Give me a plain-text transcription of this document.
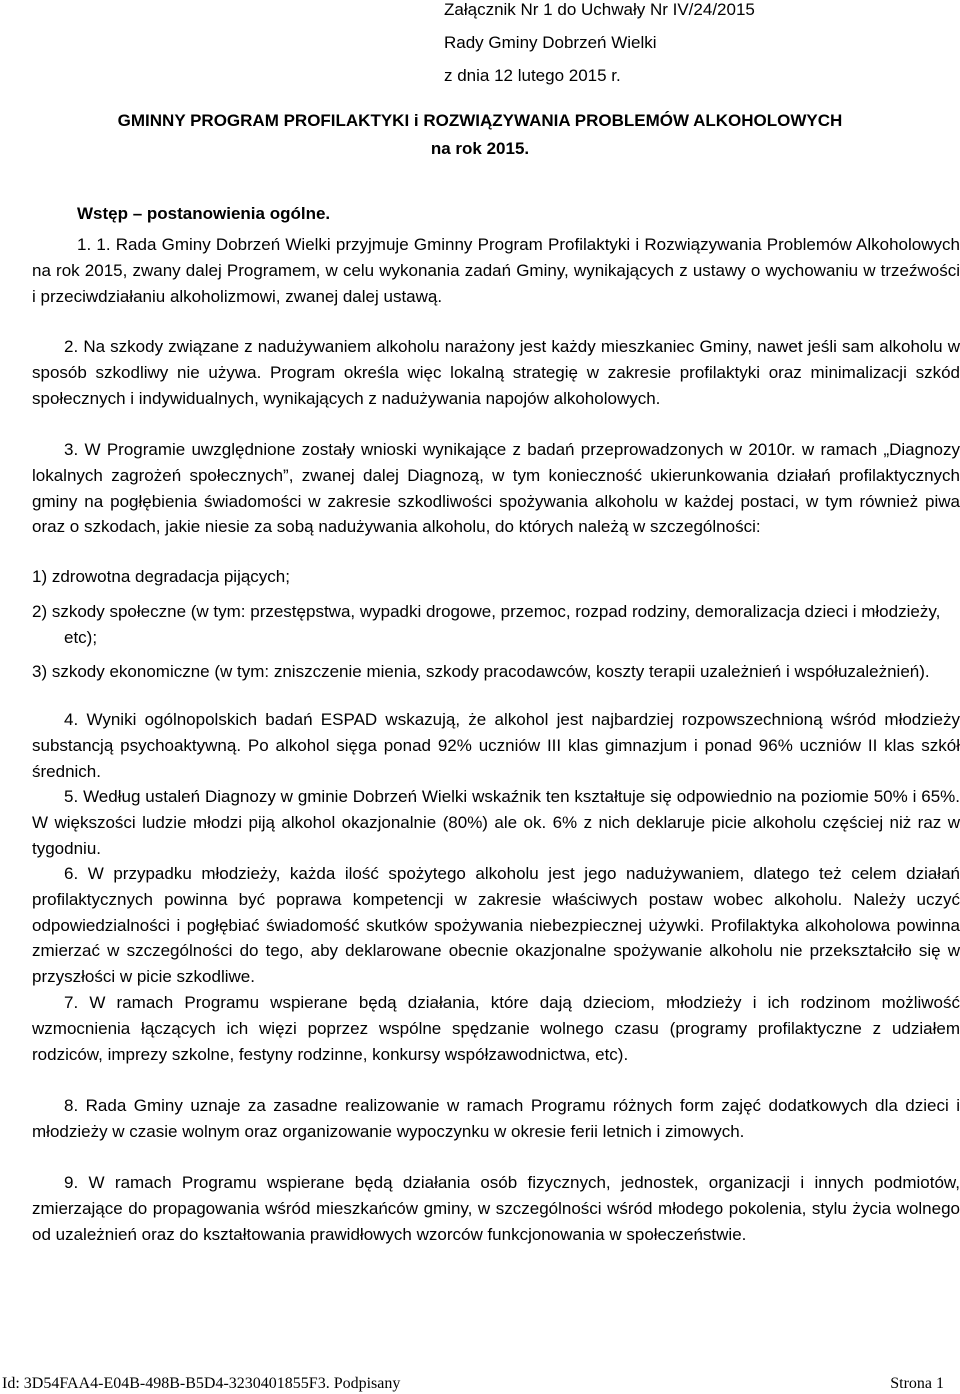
Załącznik Nr 1 do Uchwały Nr IV/24/2015
Rady Gminy Dobrzeń Wielki
z dnia 12 lutego 2015 r.
GMINNY PROGRAM PROFILAKTYKI i ROZWIĄZYWANIA PROBLEMÓW ALKOHOLOWYCH
na rok 2015.
Wstęp – postanowienia ogólne.
1. 1. Rada Gminy Dobrzeń Wielki przyjmuje Gminny Program Profilaktyki i Rozwiązywania Problemów Alkoholowych na rok 2015, zwany dalej Programem, w celu wykonania zadań Gminy, wynikających z ustawy o wychowaniu w trzeźwości i przeciwdziałaniu alkoholizmowi, zwanej dalej ustawą.
2. Na szkody związane z nadużywaniem alkoholu narażony jest każdy mieszkaniec Gminy, nawet jeśli sam alkoholu w sposób szkodliwy nie używa. Program określa więc lokalną strategię w zakresie profilaktyki oraz minimalizacji szkód społecznych i indywidualnych, wynikających z nadużywania napojów alkoholowych.
3. W Programie uwzględnione zostały wnioski wynikające z badań przeprowadzonych w 2010r. w ramach „Diagnozy lokalnych zagrożeń społecznych”, zwanej dalej Diagnozą, w tym konieczność ukierunkowania działań profilaktycznych gminy na pogłębienia świadomości w zakresie szkodliwości spożywania alkoholu w każdej postaci, w tym również piwa oraz o szkodach, jakie niesie za sobą nadużywania alkoholu, do których należą w szczególności:
1) zdrowotna degradacja pijących;
2) szkody społeczne (w tym: przestępstwa, wypadki drogowe, przemoc, rozpad rodziny, demoralizacja dzieci i młodzieży, etc);
3) szkody ekonomiczne (w tym: zniszczenie mienia, szkody pracodawców, koszty terapii uzależnień i współuzależnień).
4. Wyniki ogólnopolskich badań ESPAD wskazują, że alkohol jest najbardziej rozpowszechnioną wśród młodzieży substancją psychoaktywną. Po alkohol sięga ponad 92% uczniów III klas gimnazjum i ponad 96% uczniów II klas szkół średnich.
5. Według ustaleń Diagnozy w gminie Dobrzeń Wielki wskaźnik ten kształtuje się odpowiednio na poziomie 50% i 65%. W większości ludzie młodzi piją alkohol okazjonalnie (80%) ale ok. 6% z nich deklaruje picie alkoholu częściej niż raz w tygodniu.
6. W przypadku młodzieży, każda ilość spożytego alkoholu jest jego nadużywaniem, dlatego też celem działań profilaktycznych powinna być poprawa kompetencji w zakresie właściwych postaw wobec alkoholu. Należy uczyć odpowiedzialności i pogłębiać świadomość skutków spożywania niebezpiecznej używki. Profilaktyka alkoholowa powinna zmierzać w szczególności do tego, aby deklarowane obecnie okazjonalne spożywanie alkoholu nie przekształciło się w przyszłości w picie szkodliwe.
7. W ramach Programu wspierane będą działania, które dają dzieciom, młodzieży i ich rodzinom możliwość wzmocnienia łączących ich więzi poprzez wspólne spędzanie wolnego czasu (programy profilaktyczne z udziałem rodziców, imprezy szkolne, festyny rodzinne, konkursy współzawodnictwa, etc).
8. Rada Gminy uznaje za zasadne realizowanie w ramach Programu różnych form zajęć dodatkowych dla dzieci i młodzieży w czasie wolnym oraz organizowanie wypoczynku w okresie ferii letnich i zimowych.
9. W ramach Programu wspierane będą działania osób fizycznych, jednostek, organizacji i innych podmiotów, zmierzające do propagowania wśród mieszkańców gminy, w szczególności wśród młodego pokolenia, stylu życia wolnego od uzależnień oraz do kształtowania prawidłowych wzorców funkcjonowania w społeczeństwie.
Id: 3D54FAA4-E04B-498B-B5D4-3230401855F3. Podpisany	Strona 1
